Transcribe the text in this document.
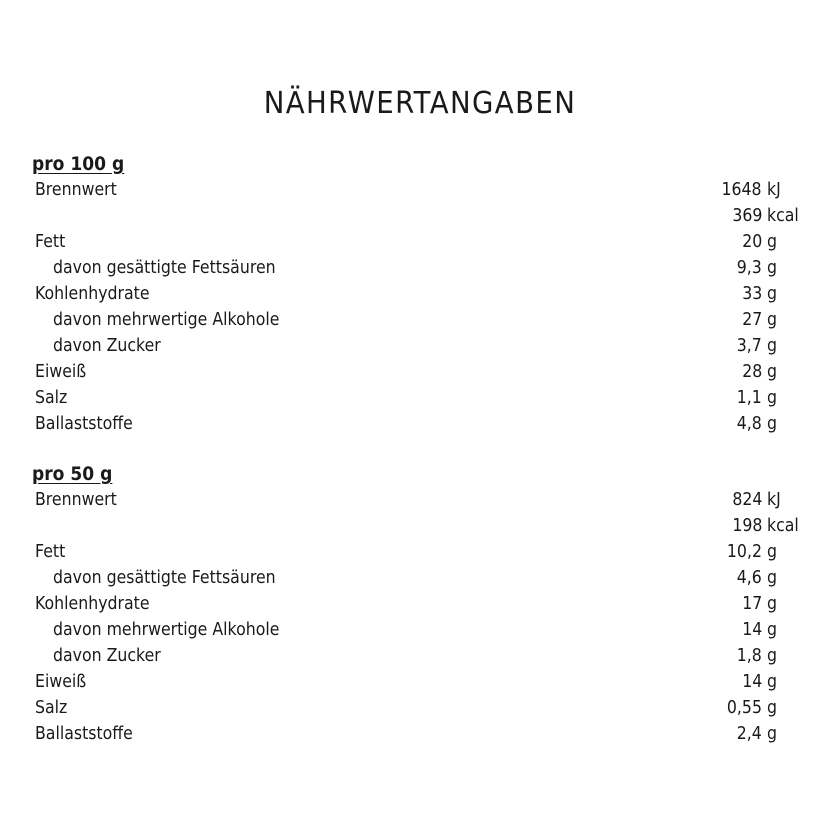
NÄHRWERTANGABEN
pro 100 g
Brennwert	1648 kJ
369 kcal
Fett	20 g
davon gesättigte Fettsäuren	9,3 g
Kohlenhydrate	33 g
davon mehrwertige Alkohole	27 g
davon Zucker	3,7 g
Eiweiß	28 g
Salz	1,1 g
Ballaststoffe	4,8 g
pro 50 g
Brennwert	824 kJ
198 kcal
Fett	10,2 g
davon gesättigte Fettsäuren	4,6 g
Kohlenhydrate	17 g
davon mehrwertige Alkohole	14 g
davon Zucker	1,8 g
Eiweiß	14 g
Salz	0,55 g
Ballaststoffe	2,4 g
